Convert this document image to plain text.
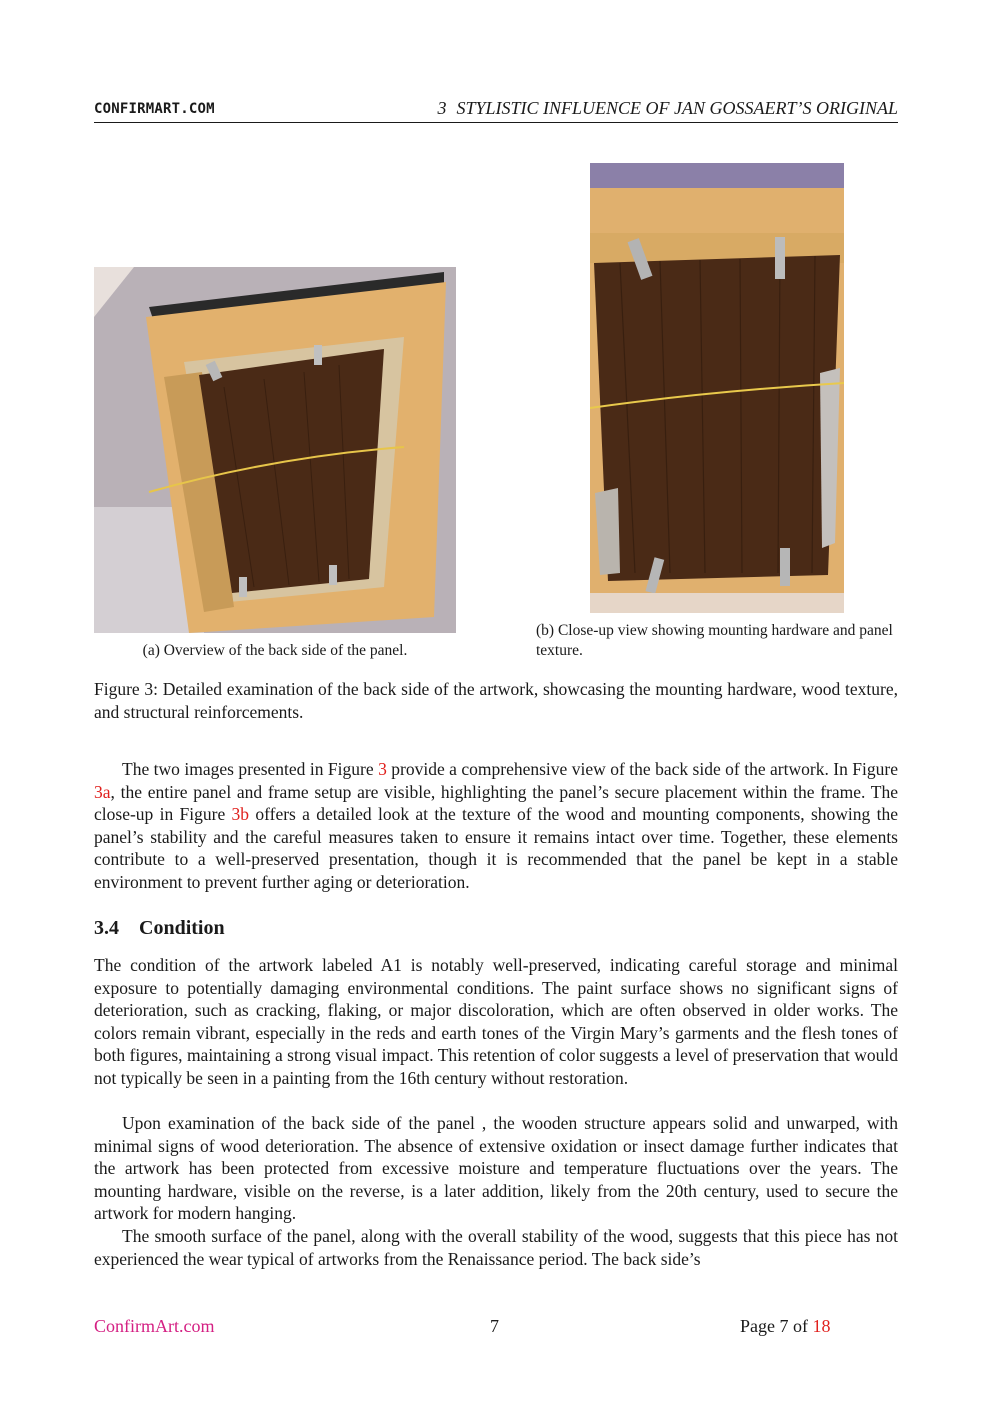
CONFIRMART.COM	3 STYLISTIC INFLUENCE OF JAN GOSSAERT’S ORIGINAL
(a) Overview of the back side of the panel.
(b) Close-up view showing mounting hardware and panel texture.
Figure 3: Detailed examination of the back side of the artwork, showcasing the mounting hardware, wood texture, and structural reinforcements.

The two images presented in Figure 3 provide a comprehensive view of the back side of the artwork. In Figure 3a, the entire panel and frame setup are visible, highlighting the panel’s secure placement within the frame. The close-up in Figure 3b offers a detailed look at the texture of the wood and mounting components, showing the panel’s stability and the careful measures taken to ensure it remains intact over time. Together, these elements contribute to a well-preserved presentation, though it is recommended that the panel be kept in a stable environment to prevent further aging or deterioration.

3.4 Condition

The condition of the artwork labeled A1 is notably well-preserved, indicating careful storage and minimal exposure to potentially damaging environmental conditions. The paint surface shows no significant signs of deterioration, such as cracking, flaking, or major discoloration, which are often observed in older works. The colors remain vibrant, especially in the reds and earth tones of the Virgin Mary’s garments and the flesh tones of both figures, maintaining a strong visual impact. This retention of color suggests a level of preservation that would not typically be seen in a painting from the 16th century without restoration.

Upon examination of the back side of the panel , the wooden structure appears solid and unwarped, with minimal signs of wood deterioration. The absence of extensive oxidation or insect damage further indicates that the artwork has been protected from excessive moisture and temperature fluctuations over the years. The mounting hardware, visible on the reverse, is a later addition, likely from the 20th century, used to secure the artwork for modern hanging.

The smooth surface of the panel, along with the overall stability of the wood, suggests that this piece has not experienced the wear typical of artworks from the Renaissance period. The back side’s

ConfirmArt.com	7	Page 7 of 18
